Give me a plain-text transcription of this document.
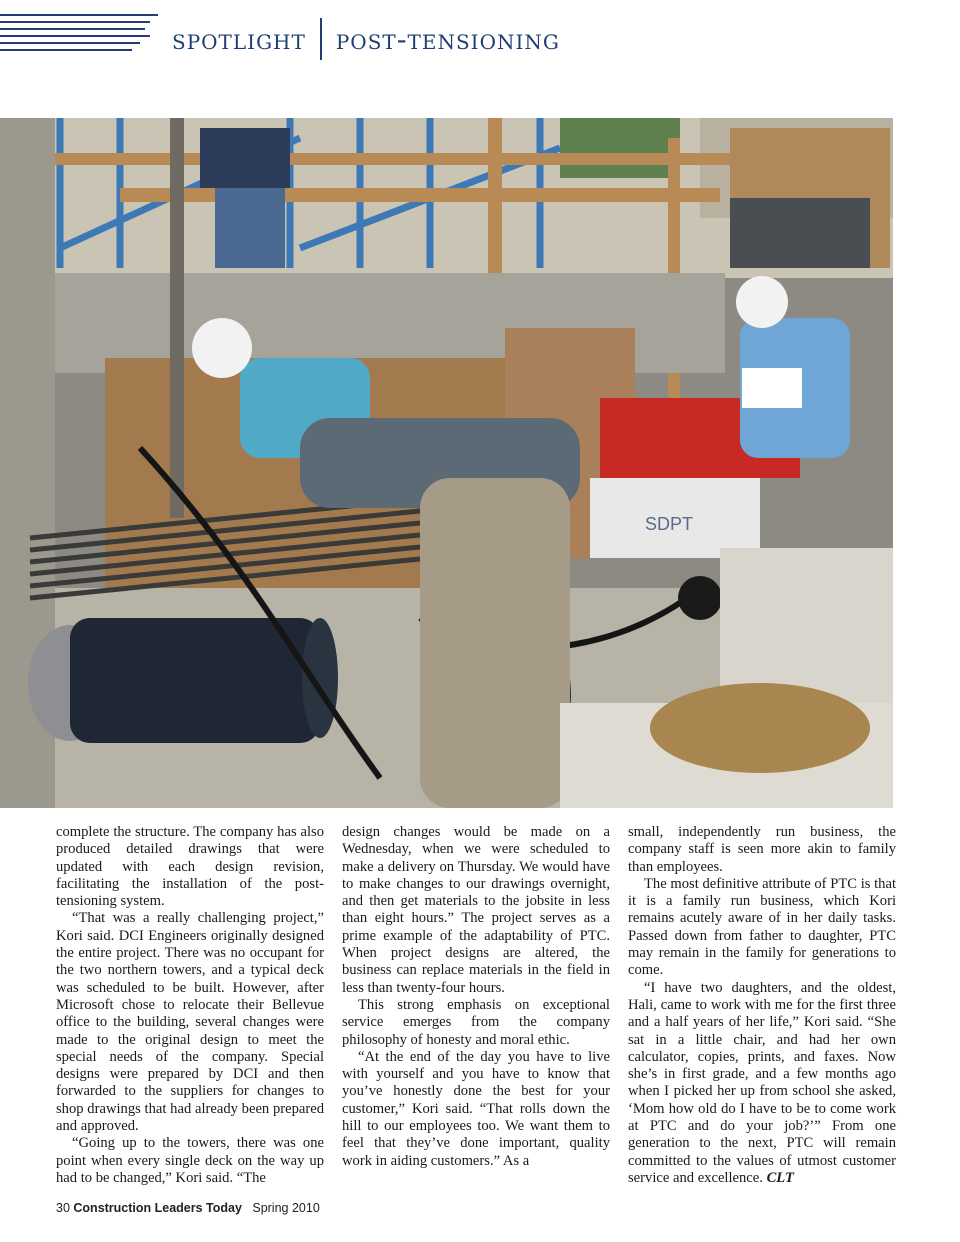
spotlight post-tensioning
SDPT

complete the structure. The company has also produced detailed drawings that were updated with each design revision, facilitating the installation of the post-tensioning system.

“That was a really challenging project,” Kori said. DCI Engineers originally designed the entire project. There was no occupant for the two northern towers, and a typical deck was scheduled to be built. However, after Microsoft chose to relocate their Bellevue office to the building, several changes were made to the original design to meet the special needs of the company. Special designs were prepared by DCI and then forwarded to the suppliers for changes to shop drawings that had already been prepared and approved.

“Going up to the towers, there was one point when every single deck on the way up had to be changed,” Kori said. “The

design changes would be made on a Wednesday, when we were scheduled to make a delivery on Thursday. We would have to make changes to our drawings overnight, and then get materials to the jobsite in less than eight hours.” The project serves as a prime example of the adaptability of PTC. When project designs are altered, the business can replace materials in the field in less than twenty-four hours.

This strong emphasis on exceptional service emerges from the company philosophy of honesty and moral ethic.

“At the end of the day you have to live with yourself and you have to know that you’ve honestly done the best for your customer,” Kori said. “That rolls down the hill to our employees too. We want them to feel that they’ve done important, quality work in aiding customers.” As a

small, independently run business, the company staff is seen more akin to family than employees.

The most definitive attribute of PTC is that it is a family run business, which Kori remains acutely aware of in her daily tasks. Passed down from father to daughter, PTC may remain in the family for generations to come.

“I have two daughters, and the oldest, Hali, came to work with me for the first three and a half years of her life,” Kori said. “She sat in a little chair, and had her own calculator, copies, prints, and faxes. Now she’s in first grade, and a few months ago when I picked her up from school she asked, ‘Mom how old do I have to be to come work at PTC and do your job?’” From one generation to the next, PTC will remain committed to the values of utmost customer service and excellence. CLT

30 Construction Leaders Today Spring 2010
